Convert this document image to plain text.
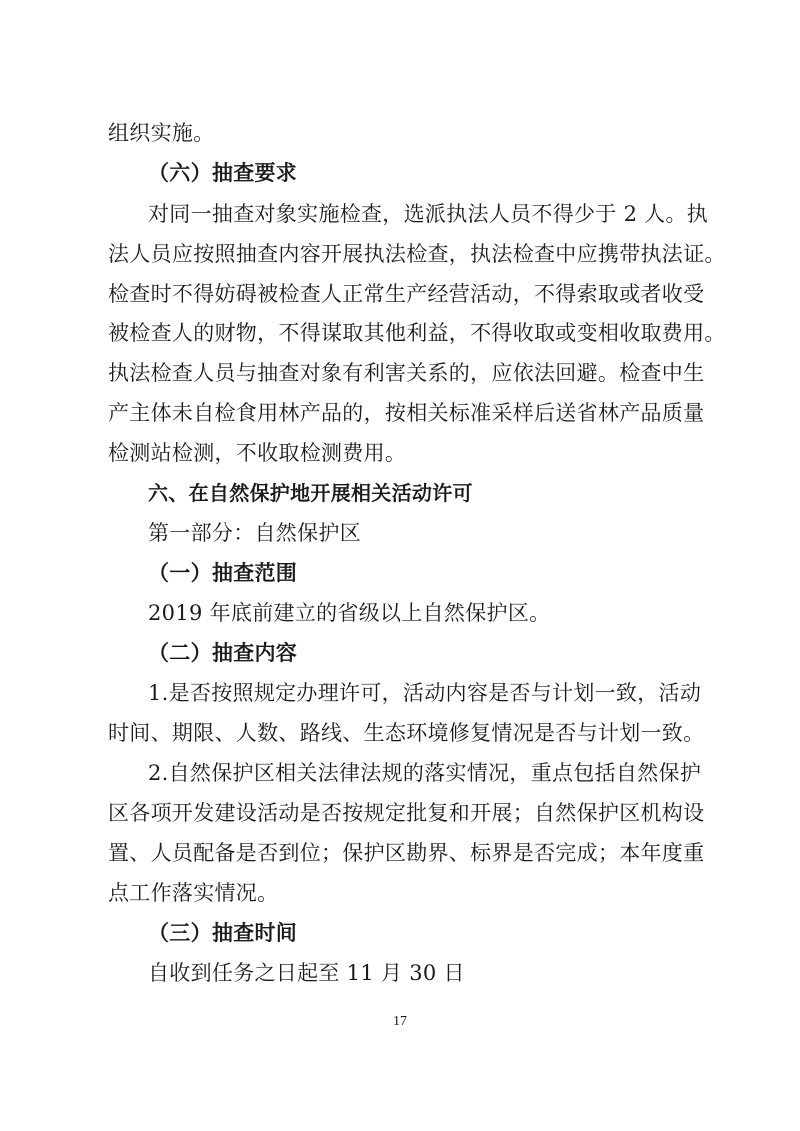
组织实施。
（六）抽查要求
对同一抽查对象实施检查，选派执法人员不得少于 2 人。执
法人员应按照抽查内容开展执法检查，执法检查中应携带执法证。
检查时不得妨碍被检查人正常生产经营活动，不得索取或者收受
被检查人的财物，不得谋取其他利益，不得收取或变相收取费用。
执法检查人员与抽查对象有利害关系的，应依法回避。检查中生
产主体未自检食用林产品的，按相关标准采样后送省林产品质量
检测站检测，不收取检测费用。
六、在自然保护地开展相关活动许可
第一部分：自然保护区
（一）抽查范围
2019 年底前建立的省级以上自然保护区。
（二）抽查内容
1.是否按照规定办理许可，活动内容是否与计划一致，活动
时间、期限、人数、路线、生态环境修复情况是否与计划一致。
2.自然保护区相关法律法规的落实情况，重点包括自然保护
区各项开发建设活动是否按规定批复和开展；自然保护区机构设
置、人员配备是否到位；保护区勘界、标界是否完成；本年度重
点工作落实情况。
（三）抽查时间
自收到任务之日起至 11 月 30 日
17
